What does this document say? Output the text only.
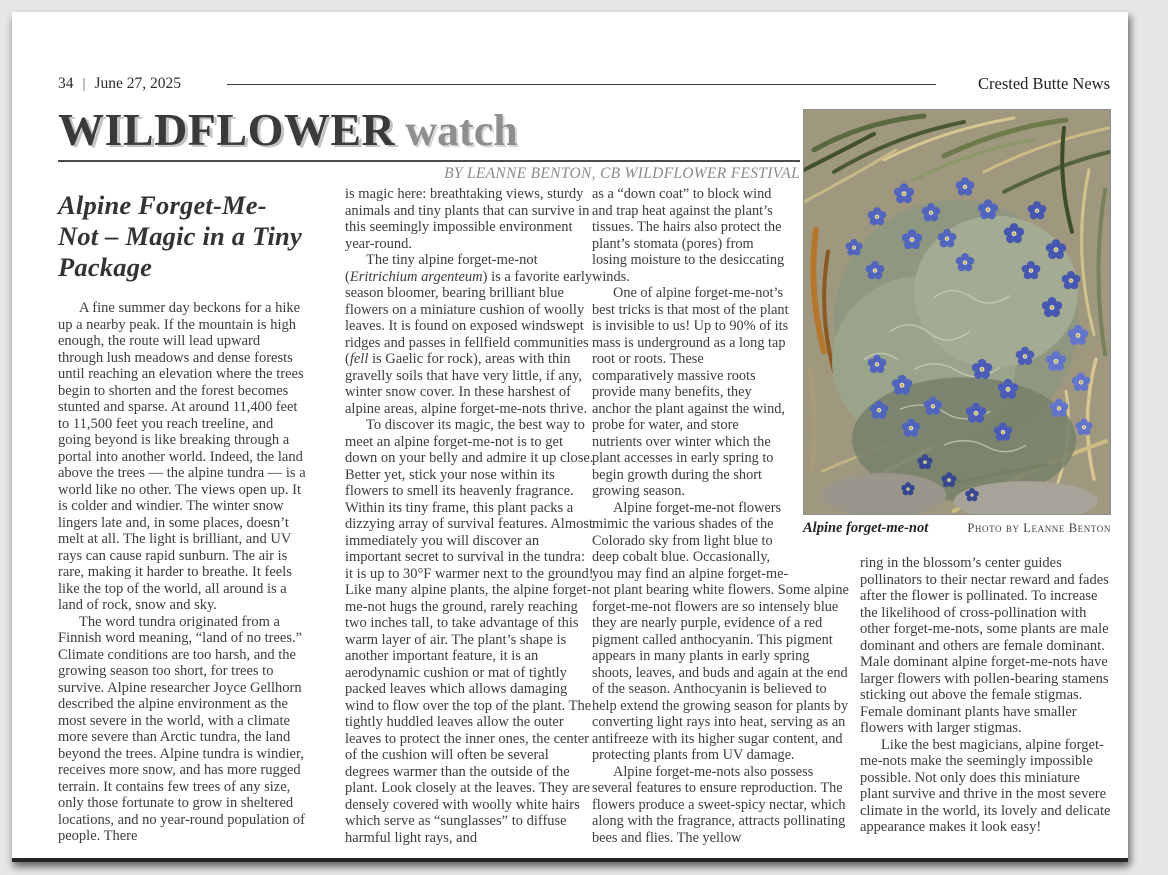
34 | June 27, 2025	Crested Butte News
WILDFLOWER watch
BY LEANNE BENTON, CB WILDFLOWER FESTIVAL
Alpine forget-me-not	Photo by Leanne Benton
Alpine Forget-Me-Not – Magic in a Tiny Package

A fine summer day beckons for a hike up a nearby peak. If the mountain is high enough, the route will lead upward through lush meadows and dense forests until reaching an elevation where the trees begin to shorten and the forest becomes stunted and sparse. At around 11,400 feet to 11,500 feet you reach treeline, and going beyond is like breaking through a portal into another world. Indeed, the land above the trees — the alpine tundra — is a world like no other. The views open up. It is colder and windier. The winter snow lingers late and, in some places, doesn’t melt at all. The light is brilliant, and UV rays can cause rapid sunburn. The air is rare, making it harder to breathe. It feels like the top of the world, all around is a land of rock, snow and sky.

The word tundra originated from a Finnish word meaning, “land of no trees.” Climate conditions are too harsh, and the growing season too short, for trees to survive. Alpine researcher Joyce Gellhorn described the alpine environment as the most severe in the world, with a climate more severe than Arctic tundra, the land beyond the trees. Alpine tundra is windier, receives more snow, and has more rugged terrain. It contains few trees of any size, only those fortunate to grow in sheltered locations, and no year-round population of people. There

is magic here: breathtaking views, sturdy animals and tiny plants that can survive in this seemingly impossible environment year-round.

The tiny alpine forget-me-not (Eritrichium argenteum) is a favorite early season bloomer, bearing brilliant blue flowers on a miniature cushion of woolly leaves. It is found on exposed windswept ridges and passes in fellfield communities (fell is Gaelic for rock), areas with thin gravelly soils that have very little, if any, winter snow cover. In these harshest of alpine areas, alpine forget-me-nots thrive.

To discover its magic, the best way to meet an alpine forget-me-not is to get down on your belly and admire it up close. Better yet, stick your nose within its flowers to smell its heavenly fragrance. Within its tiny frame, this plant packs a dizzying array of survival features. Almost immediately you will discover an important secret to survival in the tundra: it is up to 30°F warmer next to the ground! Like many alpine plants, the alpine forget-me-not hugs the ground, rarely reaching two inches tall, to take advantage of this warm layer of air. The plant’s shape is another important feature, it is an aerodynamic cushion or mat of tightly packed leaves which allows damaging wind to flow over the top of the plant. The tightly huddled leaves allow the outer leaves to protect the inner ones, the center of the cushion will often be several degrees warmer than the outside of the plant. Look closely at the leaves. They are densely covered with woolly white hairs which serve as “sunglasses” to diffuse harmful light rays, and

as a “down coat” to block wind and trap heat against the plant’s tissues. The hairs also protect the plant’s stomata (pores) from losing moisture to the desiccating winds.

One of alpine forget-me-not’s best tricks is that most of the plant is invisible to us! Up to 90% of its mass is underground as a long tap root or roots. These comparatively massive roots provide many benefits, they anchor the plant against the wind, probe for water, and store nutrients over winter which the plant accesses in early spring to begin growth during the short growing season.

Alpine forget-me-not flowers mimic the various shades of the Colorado sky from light blue to deep cobalt blue. Occasionally, you may find an alpine forget-me-not plant bearing white flowers. Some alpine forget-me-not flowers are so intensely blue they are nearly purple, evidence of a red pigment called anthocyanin. This pigment appears in many plants in early spring shoots, leaves, and buds and again at the end of the season. Anthocyanin is believed to help extend the growing season for plants by converting light rays into heat, serving as an antifreeze with its higher sugar content, and protecting plants from UV damage.

Alpine forget-me-nots also possess several features to ensure reproduction. The flowers produce a sweet-spicy nectar, which along with the fragrance, attracts pollinating bees and flies. The yellow

ring in the blossom’s center guides pollinators to their nectar reward and fades after the flower is pollinated. To increase the likelihood of cross-pollination with other forget-me-nots, some plants are male dominant and others are female dominant. Male dominant alpine forget-me-nots have larger flowers with pollen-bearing stamens sticking out above the female stigmas. Female dominant plants have smaller flowers with larger stigmas.

Like the best magicians, alpine forget-me-nots make the seemingly impossible possible. Not only does this miniature plant survive and thrive in the most severe climate in the world, its lovely and delicate appearance makes it look easy!
